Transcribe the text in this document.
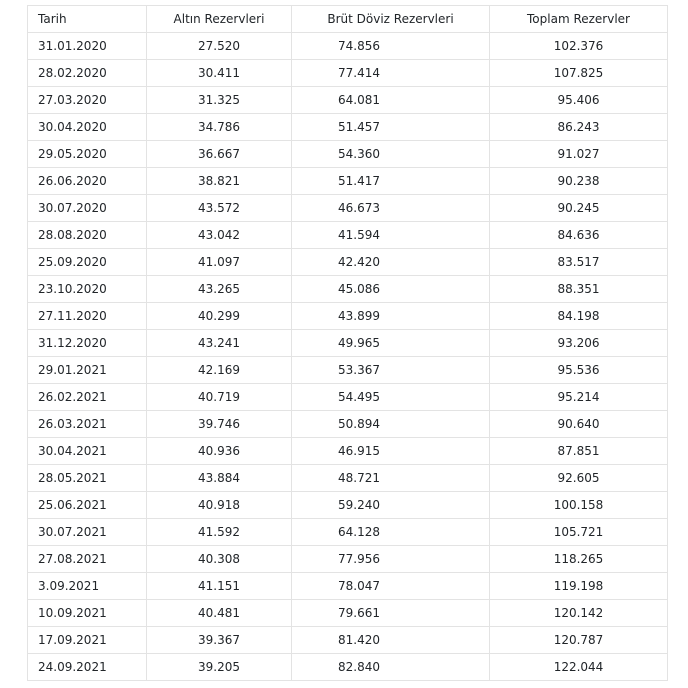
Tarih	Altın Rezervleri	Brüt Döviz Rezervleri	Toplam Rezervler
31.01.2020	27.520	74.856	102.376
28.02.2020	30.411	77.414	107.825
27.03.2020	31.325	64.081	95.406
30.04.2020	34.786	51.457	86.243
29.05.2020	36.667	54.360	91.027
26.06.2020	38.821	51.417	90.238
30.07.2020	43.572	46.673	90.245
28.08.2020	43.042	41.594	84.636
25.09.2020	41.097	42.420	83.517
23.10.2020	43.265	45.086	88.351
27.11.2020	40.299	43.899	84.198
31.12.2020	43.241	49.965	93.206
29.01.2021	42.169	53.367	95.536
26.02.2021	40.719	54.495	95.214
26.03.2021	39.746	50.894	90.640
30.04.2021	40.936	46.915	87.851
28.05.2021	43.884	48.721	92.605
25.06.2021	40.918	59.240	100.158
30.07.2021	41.592	64.128	105.721
27.08.2021	40.308	77.956	118.265
3.09.2021	41.151	78.047	119.198
10.09.2021	40.481	79.661	120.142
17.09.2021	39.367	81.420	120.787
24.09.2021	39.205	82.840	122.044
